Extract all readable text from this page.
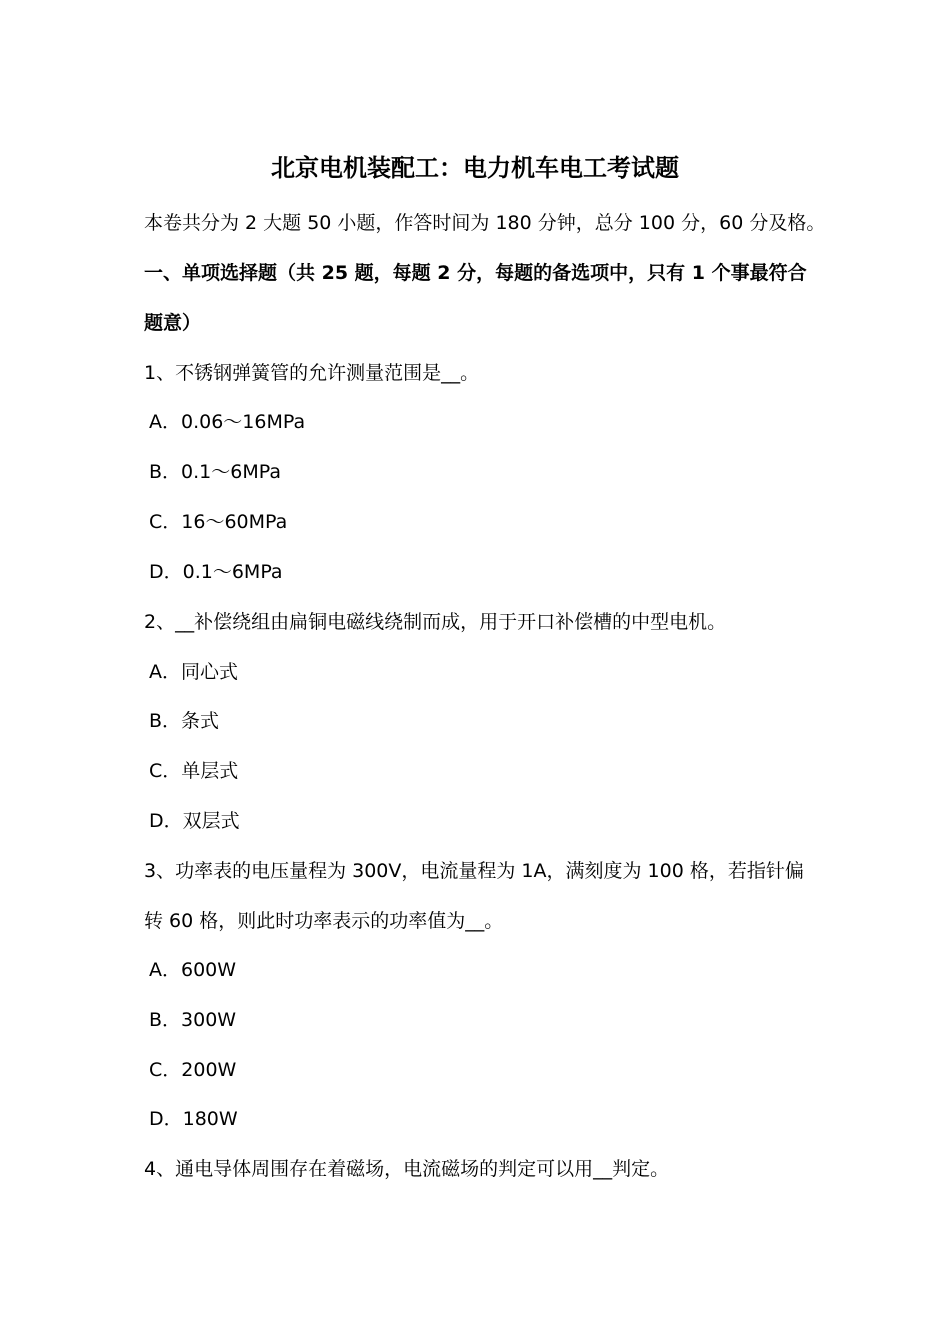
北京电机装配工：电力机车电工考试题
本卷共分为 2 大题 50 小题，作答时间为 180 分钟，总分 100 分，60 分及格。
一、单项选择题（共 25 题，每题 2 分，每题的备选项中，只有 1 个事最符合
题意）
1、不锈钢弹簧管的允许测量范围是__。
A．0.06～16MPa
B．0.1～6MPa
C．16～60MPa
D．0.1～6MPa
2、__补偿绕组由扁铜电磁线绕制而成，用于开口补偿槽的中型电机。
A．同心式
B．条式
C．单层式
D．双层式
3、功率表的电压量程为 300V，电流量程为 1A，满刻度为 100 格，若指针偏
转 60 格，则此时功率表示的功率值为__。
A．600W
B．300W
C．200W
D．180W
4、通电导体周围存在着磁场，电流磁场的判定可以用__判定。
